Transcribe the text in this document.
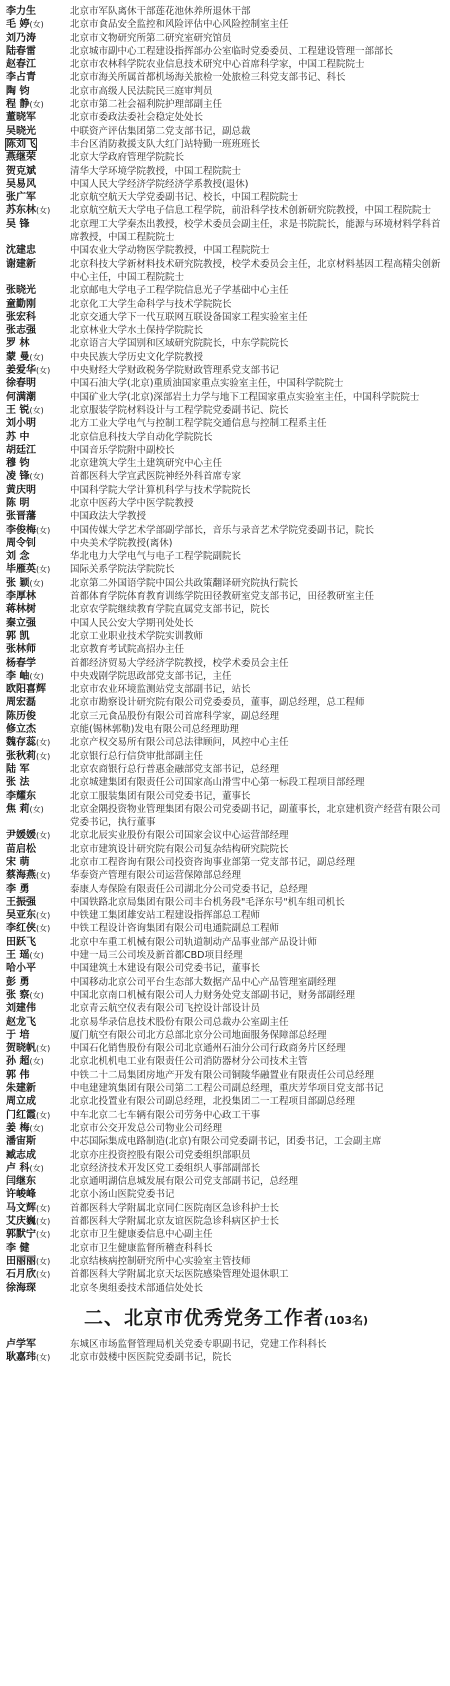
李力生	北京市军队离休干部莲花池休养所退休干部
毛 婷(女)	北京市食品安全监控和风险评估中心风险控制室主任
刘乃涛	北京市文物研究所第二研究室研究馆员
陆春雷	北京城市副中心工程建设指挥部办公室临时党委委员、工程建设管理一部部长
赵春江	北京市农林科学院农业信息技术研究中心首席科学家，中国工程院院士
李占青	北京市海关所属首都机场海关旅检一处旅检三科党支部书记、科长
陶 钧	北京市高级人民法院民三庭审判员
程 静(女)	北京市第二社会福利院护理部副主任
董晓军	北京市委政法委社会稳定处处长
吴晓光	中联资产评估集团第二党支部书记，副总裁
陈刘飞	丰台区消防救援支队大红门站特勤一班班班长
燕继荣	北京大学政府管理学院院长
贺克斌	清华大学环境学院教授，中国工程院院士
吴易风	中国人民大学经济学院经济学系教授(退休)
张广军	北京航空航天大学党委副书记、校长，中国工程院院士
苏东林(女)	北京航空航天大学电子信息工程学院，前沿科学技术创新研究院教授，中国工程院院士
吴 锋	北京理工大学秦杰出教授，校学术委员会副主任，求是书院院长，能源与环境材料学科首席教授，中国工程院院士
沈建忠	中国农业大学动物医学院教授，中国工程院院士
谢建新	北京科技大学新材料技术研究院教授，校学术委员会主任，北京材料基因工程高精尖创新中心主任，中国工程院院士
张晓光	北京邮电大学电子工程学院信息光子学基础中心主任
童勤刚	北京化工大学生命科学与技术学院院长
张宏科	北京交通大学下一代互联网互联设备国家工程实验室主任
张志强	北京林业大学水土保持学院院长
罗 林	北京语言大学国别和区域研究院院长，中东学院院长
蒙 曼(女)	中央民族大学历史文化学院教授
姜爱华(女)	中央财经大学财政税务学院财政管理系党支部书记
徐春明	中国石油大学(北京)重质油国家重点实验室主任，中国科学院院士
何满潮	中国矿业大学(北京)深部岩土力学与地下工程国家重点实验室主任，中国科学院院士
王 锐(女)	北京服装学院材料设计与工程学院党委副书记、院长
刘小明	北方工业大学电气与控制工程学院交通信息与控制工程系主任
苏 中	北京信息科技大学自动化学院院长
胡廷江	中国音乐学院附中副校长
穆 钧	北京建筑大学生土建筑研究中心主任
凌 锋(女)	首都医科大学宣武医院神经外科首席专家
黄庆明	中国科学院大学计算机科学与技术学院院长
陈 明	北京中医药大学中医学院教授
张晋藩	中国政法大学教授
李俊梅(女)	中国传媒大学艺术学部副学部长，音乐与录音艺术学院党委副书记，院长
周令钊	中央美术学院教授(离休)
刘 念	华北电力大学电气与电子工程学院副院长
毕雁英(女)	国际关系学院法学院院长
张 颖(女)	北京第二外国语学院中国公共政策翻译研究院执行院长
李厚林	首都体育学院体育教育训练学院田径教研室党支部书记，田径教研室主任
蒋林树	北京农学院继续教育学院直属党支部书记，院长
秦立强	中国人民公安大学期刊处处长
郭 凯	北京工业职业技术学院实训教师
张林师	北京教育考试院高招办主任
杨春学	首都经济贸易大学经济学院教授，校学术委员会主任
李 岫(女)	中央戏剧学院思政部党支部书记，主任
欧阳喜辉	北京市农业环境监测站党支部副书记，站长
周宏磊	北京市勘察设计研究院有限公司党委委员，董事，副总经理，总工程师
陈历俊	北京三元食品股份有限公司首席科学家，副总经理
修立杰	京能(锡林郭勒)发电有限公司总经理助理
魏存蕊(女)	北京产权交易所有限公司总法律顾问，风控中心主任
张秋莉(女)	北京银行总行信贷审批部副主任
陆 军	北京农商银行总行普惠金融部党支部书记，总经理
张 法	北京城建集团有限责任公司国家高山滑雪中心第一标段工程项目部经理
李耀东	北京工服装集团有限公司党委书记，董事长
焦 莉(女)	北京金隅投资物业管理集团有限公司党委副书记，副董事长，北京建机资产经营有限公司党委书记，执行董事
尹媛媛(女)	北京北辰实业股份有限公司国家会议中心运营部经理
苗启松	北京市建筑设计研究院有限公司复杂结构研究院院长
宋 萌	北京市工程咨询有限公司投资咨询事业部第一党支部书记，副总经理
蔡海燕(女)	华泰资产管理有限公司运营保障部总经理
李 勇	泰康人寿保险有限责任公司湖北分公司党委书记，总经理
王振强	中国铁路北京局集团有限公司丰台机务段"毛泽东号"机车组司机长
吴亚东(女)	中铁建工集团雄安站工程建设指挥部总工程师
李红侠(女)	中铁工程设计咨询集团有限公司电通院副总工程师
田跃飞	北京中车重工机械有限公司轨道制动产品事业部产品设计师
王 瑶(女)	中建一局三公司埃及新首都CBD项目经理
哈小平	中国建筑土木建设有限公司党委书记，董事长
彭 勇	中国移动北京公司平台生态部大数据产品中心产品管理室副经理
张 察(女)	中国北京南口机械有限公司人力财务处党支部副书记，财务部副经理
刘建伟	北京青云航空仪表有限公司飞控设计部设计员
赵龙飞	北京易华录信息技术股份有限公司总裁办公室副主任
于 培	厦门航空有限公司北方总部北京分公司地面服务保障部总经理
贺晓帆(女)	中国石化销售股份有限公司北京通州石油分公司行政商务片区经理
孙 超(女)	北京北机机电工业有限责任公司消防器材分公司技术主管
郭 伟	中铁二十二局集团房地产开发有限公司铜陵华融置业有限责任公司总经理
朱建新	中电建建筑集团有限公司第二工程公司副总经理，重庆芳华项目党支部书记
周立成	北京北投置业有限公司副总经理，北投集团二一工程项目部副总经理
门红霞(女)	中车北京二七车辆有限公司劳务中心政工干事
姜 梅(女)	北京市公交开发总公司物业公司经理
潘宙斯	中芯国际集成电路制造(北京)有限公司党委副书记，团委书记，工会副主席
臧志成	北京亦庄投资控股有限公司党委组织部职员
卢 科(女)	北京经济技术开发区党工委组织人事部副部长
闫继东	北京通明湖信息城发展有限公司党支部副书记，总经理
许峻峰	北京小汤山医院党委书记
马文辉(女)	首都医科大学附属北京同仁医院南区急诊科护士长
艾庆巍(女)	首都医科大学附属北京友谊医院急诊科病区护士长
郭默宁(女)	北京市卫生健康委信息中心副主任
李 健	北京市卫生健康监督所稽查科科长
田丽丽(女)	北京结核病控制研究所中心实验室主管技师
石月欣(女)	首都医科大学附属北京天坛医院感染管理处退休职工
徐海琛	北京冬奥组委技术部通信处处长
二、北京市优秀党务工作者(103名)
卢学军	东城区市场监督管理局机关党委专职副书记，党建工作科科长
耿嘉玮(女)	北京市鼓楼中医医院党委副书记，院长
